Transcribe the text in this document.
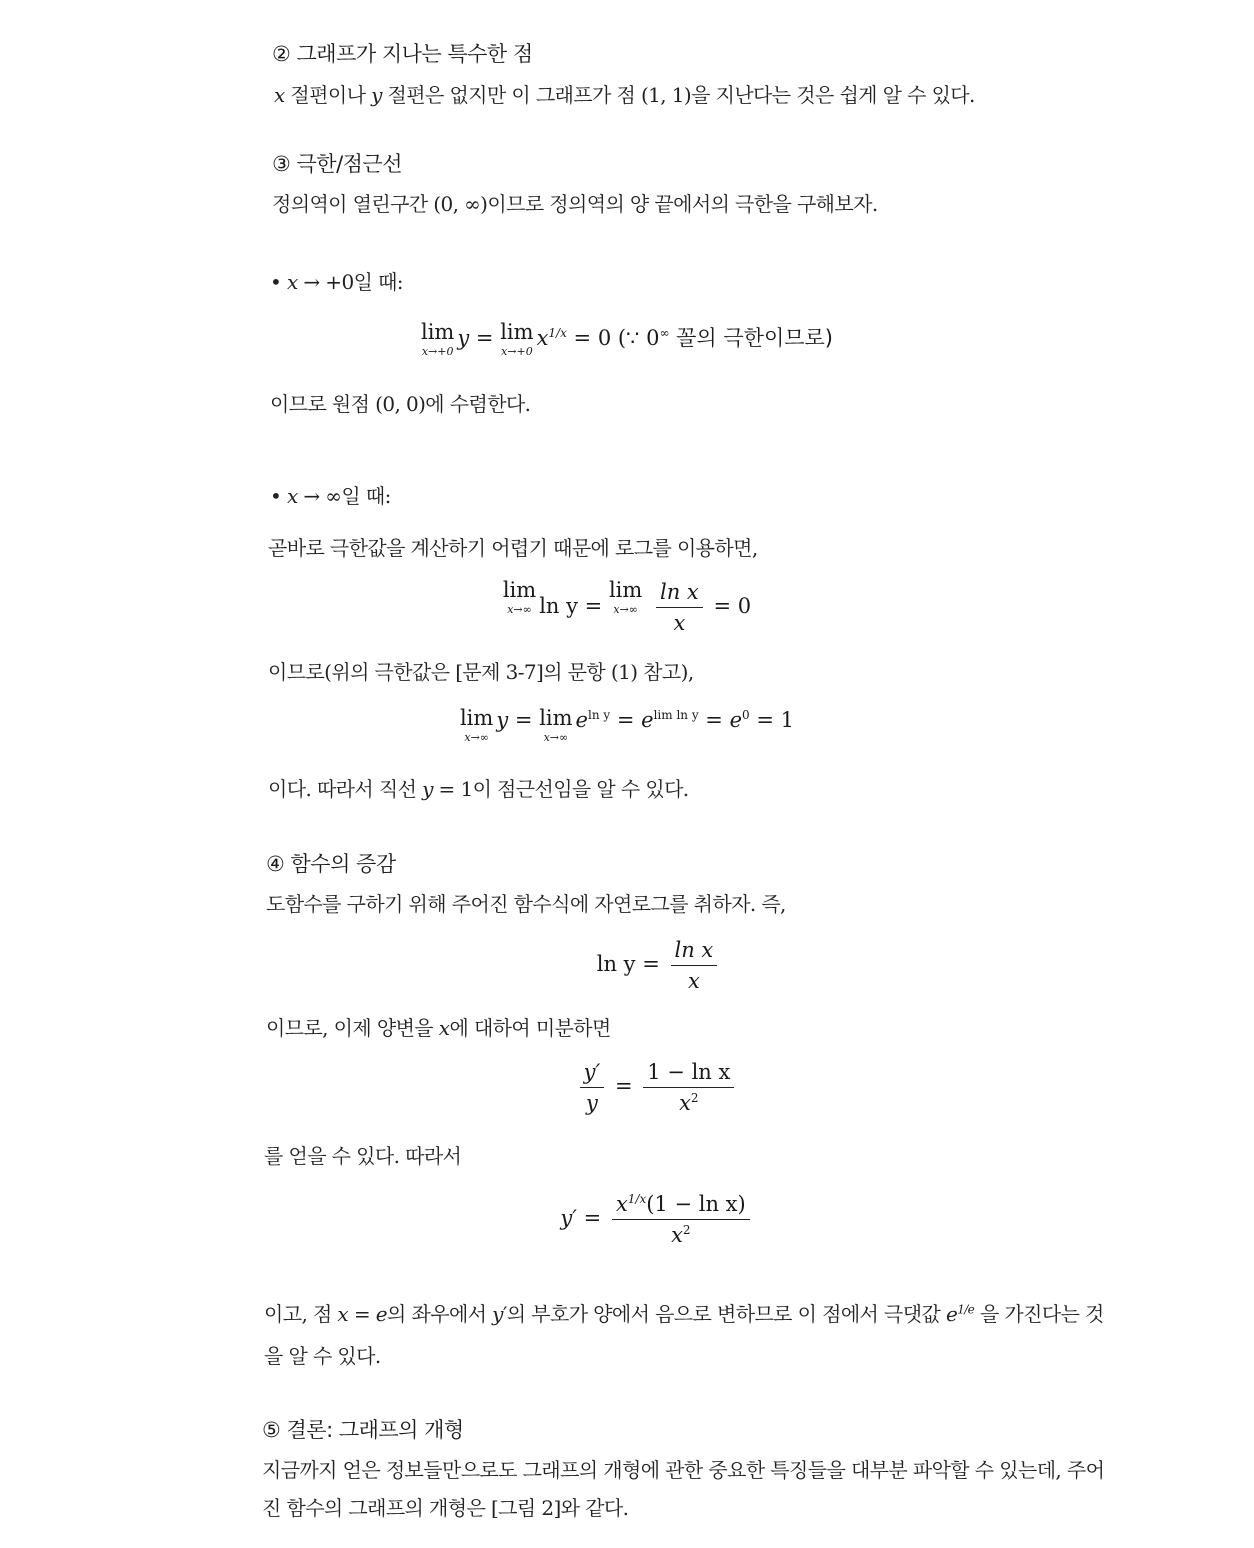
② 그래프가 지나는 특수한 점
𝑥 절편이나 𝑦 절편은 없지만 이 그래프가 점 (1, 1)을 지난다는 것은 쉽게 알 수 있다.
③ 극한/점근선
정의역이 열린구간 (0, ∞)이므로 정의역의 양 끝에서의 극한을 구해보자.
• 𝑥 → +0일 때:
lim
x→+0
y = lim
x→+0
$x^{1/x} = 0$ (∵ 0∞ 꼴의 극한이므로)
이므로 원점 (0, 0)에 수렴한다.
• 𝑥 → ∞일 때:
곧바로 극한값을 계산하기 어렵기 때문에 로그를 이용하면,
lim
x→∞ ln y =
lim
x→∞
$\frac{\text{ln x}}{x} = 0$
이므로(위의 극한값은 [문제 3-7]의 문항 (1) 참고),
lim
x→∞
y = lim
x→∞
$e^{ln y} = e^{lim ln y} = e^0 = 1$
이다. 따라서 직선 𝑦 = 1이 점근선임을 알 수 있다.
④ 함수의 증감
도함수를 구하기 위해 주어진 함수식에 자연로그를 취하자. 즉,
$\ln y = \frac{\text{ln x}}{x}$
이므로, 이제 양변을 𝑥에 대하여 미분하면
$\frac{y'}{y} = \frac{\text{1 − ln x}}{x^2}$
를 얻을 수 있다. 따라서
$y' = \frac{x^{1/x}(1 - \ln x)}{x^2}$
이고, 점 𝑥 = 𝑒의 좌우에서 𝑦′의 부호가 양에서 음으로 변하므로 이 점에서 극댓값 𝑒$^{1/e}$ 을 가진다는 것
을 알 수 있다.
⑤ 결론: 그래프의 개형
지금까지 얻은 정보들만으로도 그래프의 개형에 관한 중요한 특징들을 대부분 파악할 수 있는데, 주어
진 함수의 그래프의 개형은 [그림 2]와 같다.
